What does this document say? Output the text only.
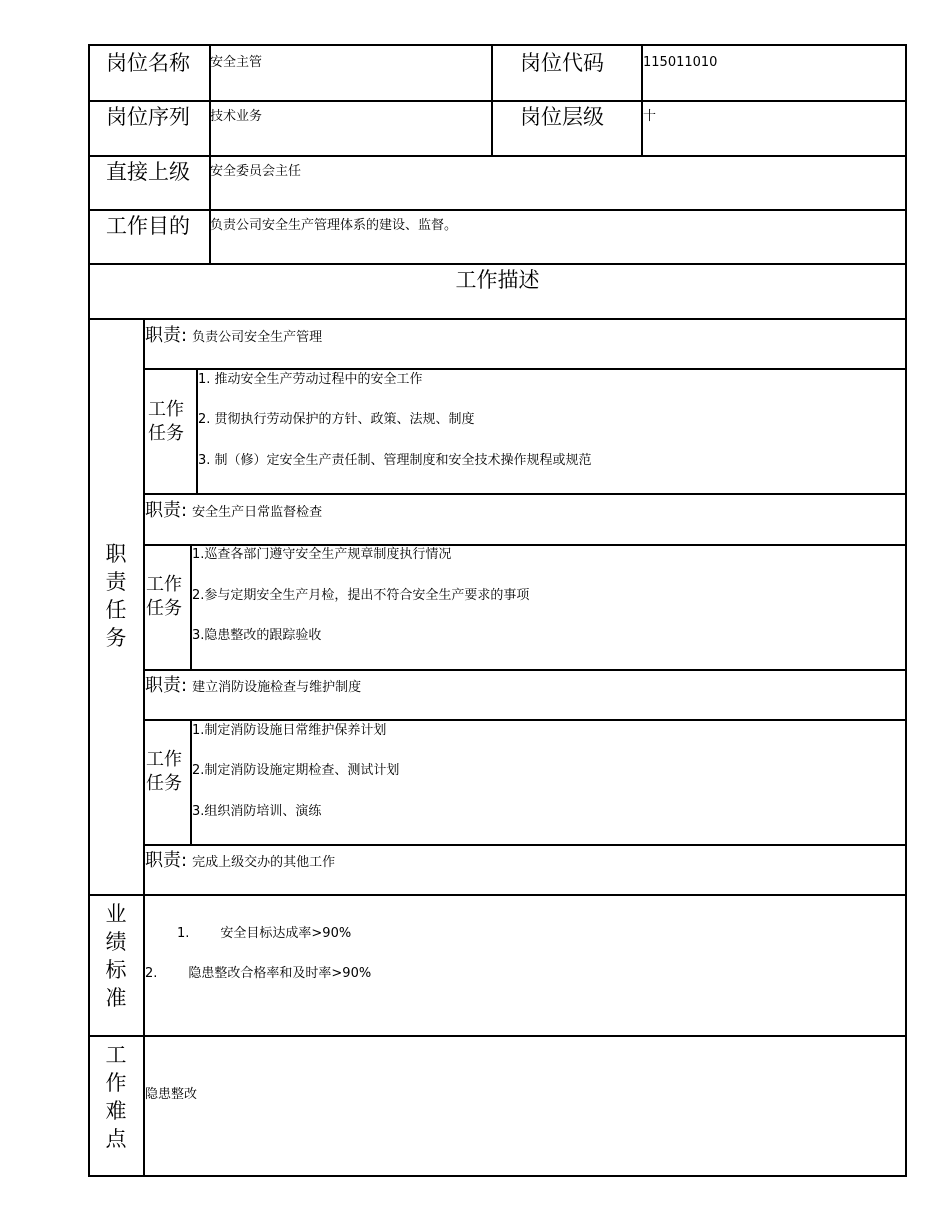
岗位名称 安全主管	岗位代码	115011010
岗位序列 技术业务	岗位层级	十
直接上级 安全委员会主任
工作目的 负责公司安全生产管理体系的建设、监督。
工作描述
职
责
任
务
职责: 负责公司安全生产管理
工作
任务
1. 推动安全生产劳动过程中的安全工作
2. 贯彻执行劳动保护的方针、政策、法规、制度
3. 制（修）定安全生产责任制、管理制度和安全技术操作规程或规范
职责: 安全生产日常监督检查
工作
任务
1.巡查各部门遵守安全生产规章制度执行情况
2.参与定期安全生产月检，提出不符合安全生产要求的事项
3.隐患整改的跟踪验收
职责: 建立消防设施检查与维护制度
工作
任务
1.制定消防设施日常维护保养计划
2.制定消防设施定期检查、测试计划
3.组织消防培训、演练
职责: 完成上级交办的其他工作
业
绩
标
准
1. 安全目标达成率>90%
2. 隐患整改合格率和及时率>90%
工
作
难
点
隐患整改
